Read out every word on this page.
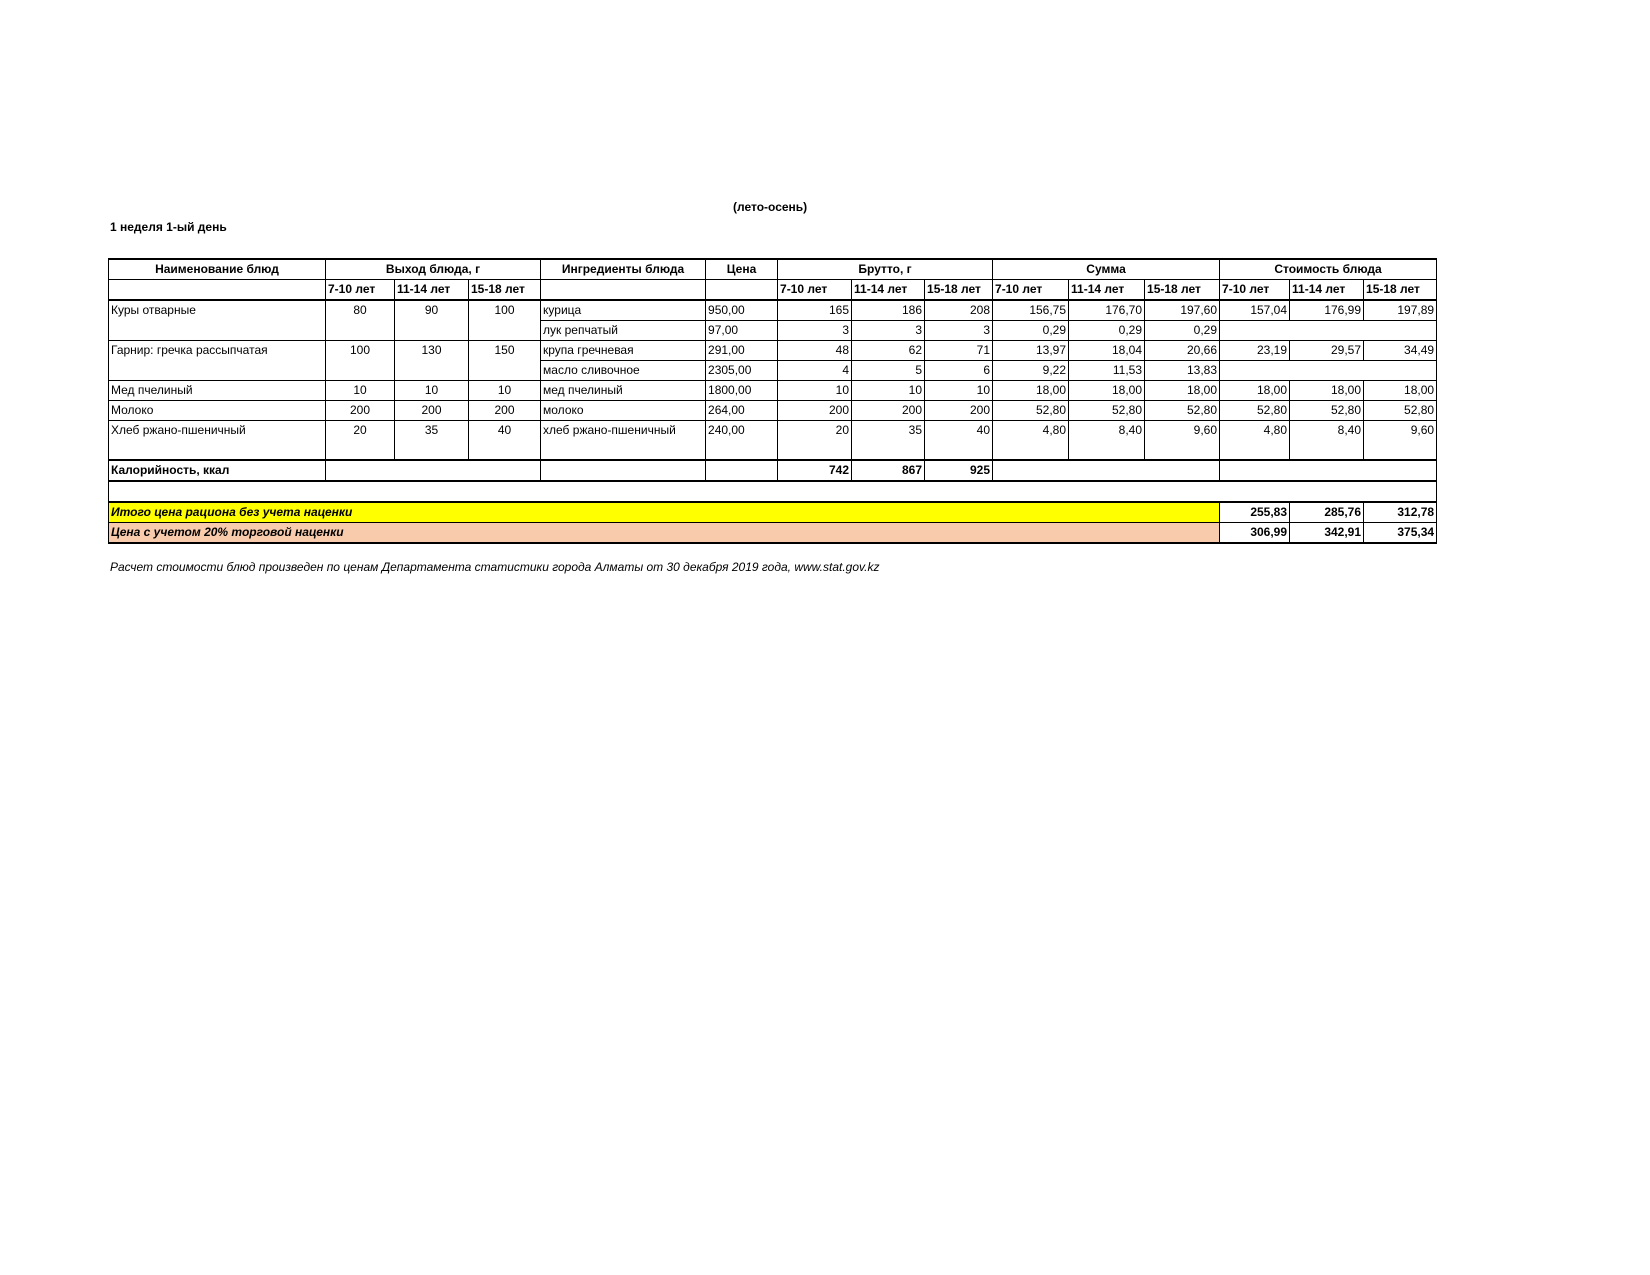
(лето-осень)
1 неделя 1-ый день
Наименование блюд	Выход блюда, г			Ингредиенты блюда	Цена	Брутто, г			Сумма			Стоимость блюда		
	7-10 лет	11-14 лет	15-18 лет			7-10 лет	11-14 лет	15-18 лет	7-10 лет	11-14 лет	15-18 лет	7-10 лет	11-14 лет	15-18 лет
Куры отварные	80	90	100	курица	950,00	165	186	208	156,75	176,70	197,60	157,04	176,99	197,89
				лук репчатый	97,00	3	3	3	0,29	0,29	0,29			
Гарнир: гречка рассыпчатая	100	130	150	крупа гречневая	291,00	48	62	71	13,97	18,04	20,66	23,19	29,57	34,49
				масло сливочное	2305,00	4	5	6	9,22	11,53	13,83			
Мед пчелиный	10	10	10	мед пчелиный	1800,00	10	10	10	18,00	18,00	18,00	18,00	18,00	18,00
Молоко	200	200	200	молоко	264,00	200	200	200	52,80	52,80	52,80	52,80	52,80	52,80
Хлеб ржано-пшеничный	20	35	40	хлеб ржано-пшеничный	240,00	20	35	40	4,80	8,40	9,60	4,80	8,40	9,60
Калорийность, ккал						742	867	925						

Итого цена рациона без учета наценки												255,83	285,76	312,78
Цена с учетом 20% торговой наценки												306,99	342,91	375,34
Расчет стоимости блюд произведен по ценам Департамента статистики города Алматы от 30 декабря 2019 года, www.stat.gov.kz
